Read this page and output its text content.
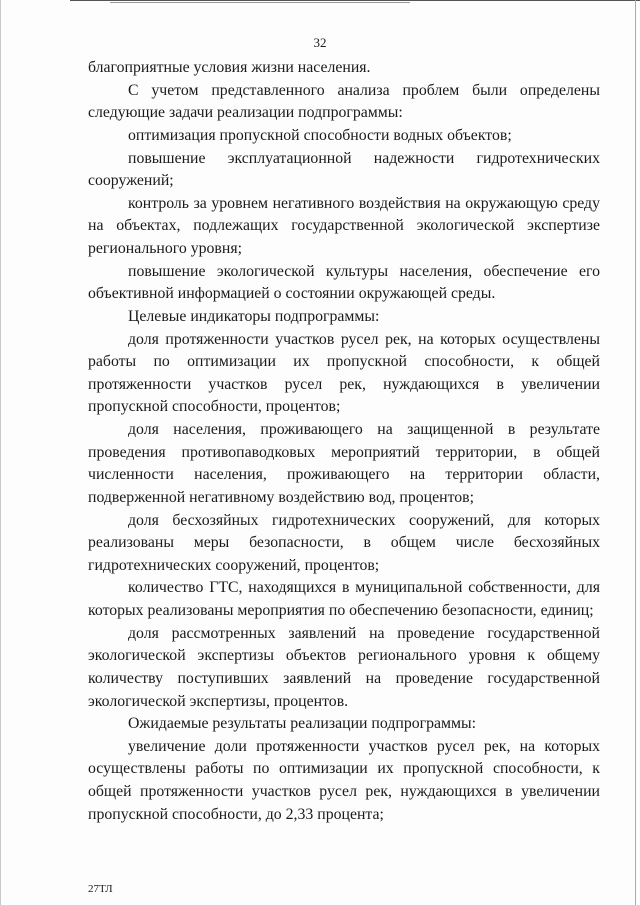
32

благоприятные условия жизни населения.

С учетом представленного анализа проблем были определены следующие задачи реализации подпрограммы:

оптимизация пропускной способности водных объектов;

повышение эксплуатационной надежности гидротехнических сооружений;

контроль за уровнем негативного воздействия на окружающую среду на объектах, подлежащих государственной экологической экспертизе регионального уровня;

повышение экологической культуры населения, обеспечение его объективной информацией о состоянии окружающей среды.

Целевые индикаторы подпрограммы:

доля протяженности участков русел рек, на которых осуществлены работы по оптимизации их пропускной способности, к общей протяженности участков русел рек, нуждающихся в увеличении пропускной способности, процентов;

доля населения, проживающего на защищенной в результате проведения противопаводковых мероприятий территории, в общей численности населения, проживающего на территории области, подверженной негативному воздействию вод, процентов;

доля бесхозяйных гидротехнических сооружений, для которых реализованы меры безопасности, в общем числе бесхозяйных гидротехнических сооружений, процентов;

количество ГТС, находящихся в муниципальной собственности, для которых реализованы мероприятия по обеспечению безопасности, единиц;

доля рассмотренных заявлений на проведение государственной экологической экспертизы объектов регионального уровня к общему количеству поступивших заявлений на проведение государственной экологической экспертизы, процентов.

Ожидаемые результаты реализации подпрограммы:

увеличение доли протяженности участков русел рек, на которых осуществлены работы по оптимизации их пропускной способности, к общей протяженности участков русел рек, нуждающихся в увеличении пропускной способности, до 2,33 процента;

27ТЛ
